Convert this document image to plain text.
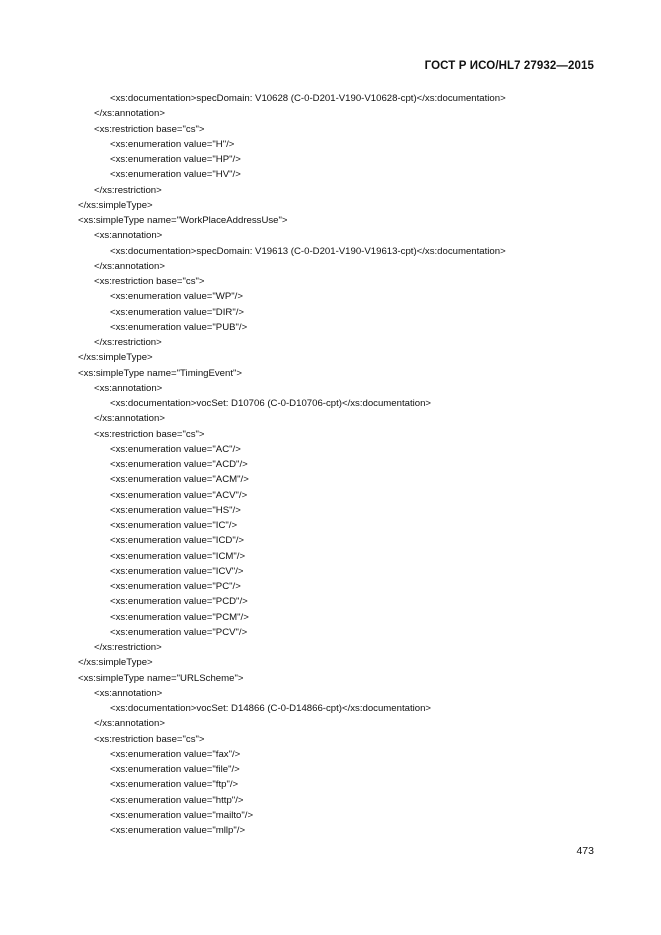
ГОСТ Р ИСО/HL7 27932—2015
<xs:documentation>specDomain: V10628 (C-0-D201-V190-V10628-cpt)</xs:documentation>
</xs:annotation>
<xs:restriction base="cs">
<xs:enumeration value="H"/>
<xs:enumeration value="HP"/>
<xs:enumeration value="HV"/>
</xs:restriction>
</xs:simpleType>
<xs:simpleType name="WorkPlaceAddressUse">
<xs:annotation>
<xs:documentation>specDomain: V19613 (C-0-D201-V190-V19613-cpt)</xs:documentation>
</xs:annotation>
<xs:restriction base="cs">
<xs:enumeration value="WP"/>
<xs:enumeration value="DIR"/>
<xs:enumeration value="PUB"/>
</xs:restriction>
</xs:simpleType>
<xs:simpleType name="TimingEvent">
<xs:annotation>
<xs:documentation>vocSet: D10706 (C-0-D10706-cpt)</xs:documentation>
</xs:annotation>
<xs:restriction base="cs">
<xs:enumeration value="AC"/>
<xs:enumeration value="ACD"/>
<xs:enumeration value="ACM"/>
<xs:enumeration value="ACV"/>
<xs:enumeration value="HS"/>
<xs:enumeration value="IC"/>
<xs:enumeration value="ICD"/>
<xs:enumeration value="ICM"/>
<xs:enumeration value="ICV"/>
<xs:enumeration value="PC"/>
<xs:enumeration value="PCD"/>
<xs:enumeration value="PCM"/>
<xs:enumeration value="PCV"/>
</xs:restriction>
</xs:simpleType>
<xs:simpleType name="URLScheme">
<xs:annotation>
<xs:documentation>vocSet: D14866 (C-0-D14866-cpt)</xs:documentation>
</xs:annotation>
<xs:restriction base="cs">
<xs:enumeration value="fax"/>
<xs:enumeration value="file"/>
<xs:enumeration value="ftp"/>
<xs:enumeration value="http"/>
<xs:enumeration value="mailto"/>
<xs:enumeration value="mllp"/>
473
